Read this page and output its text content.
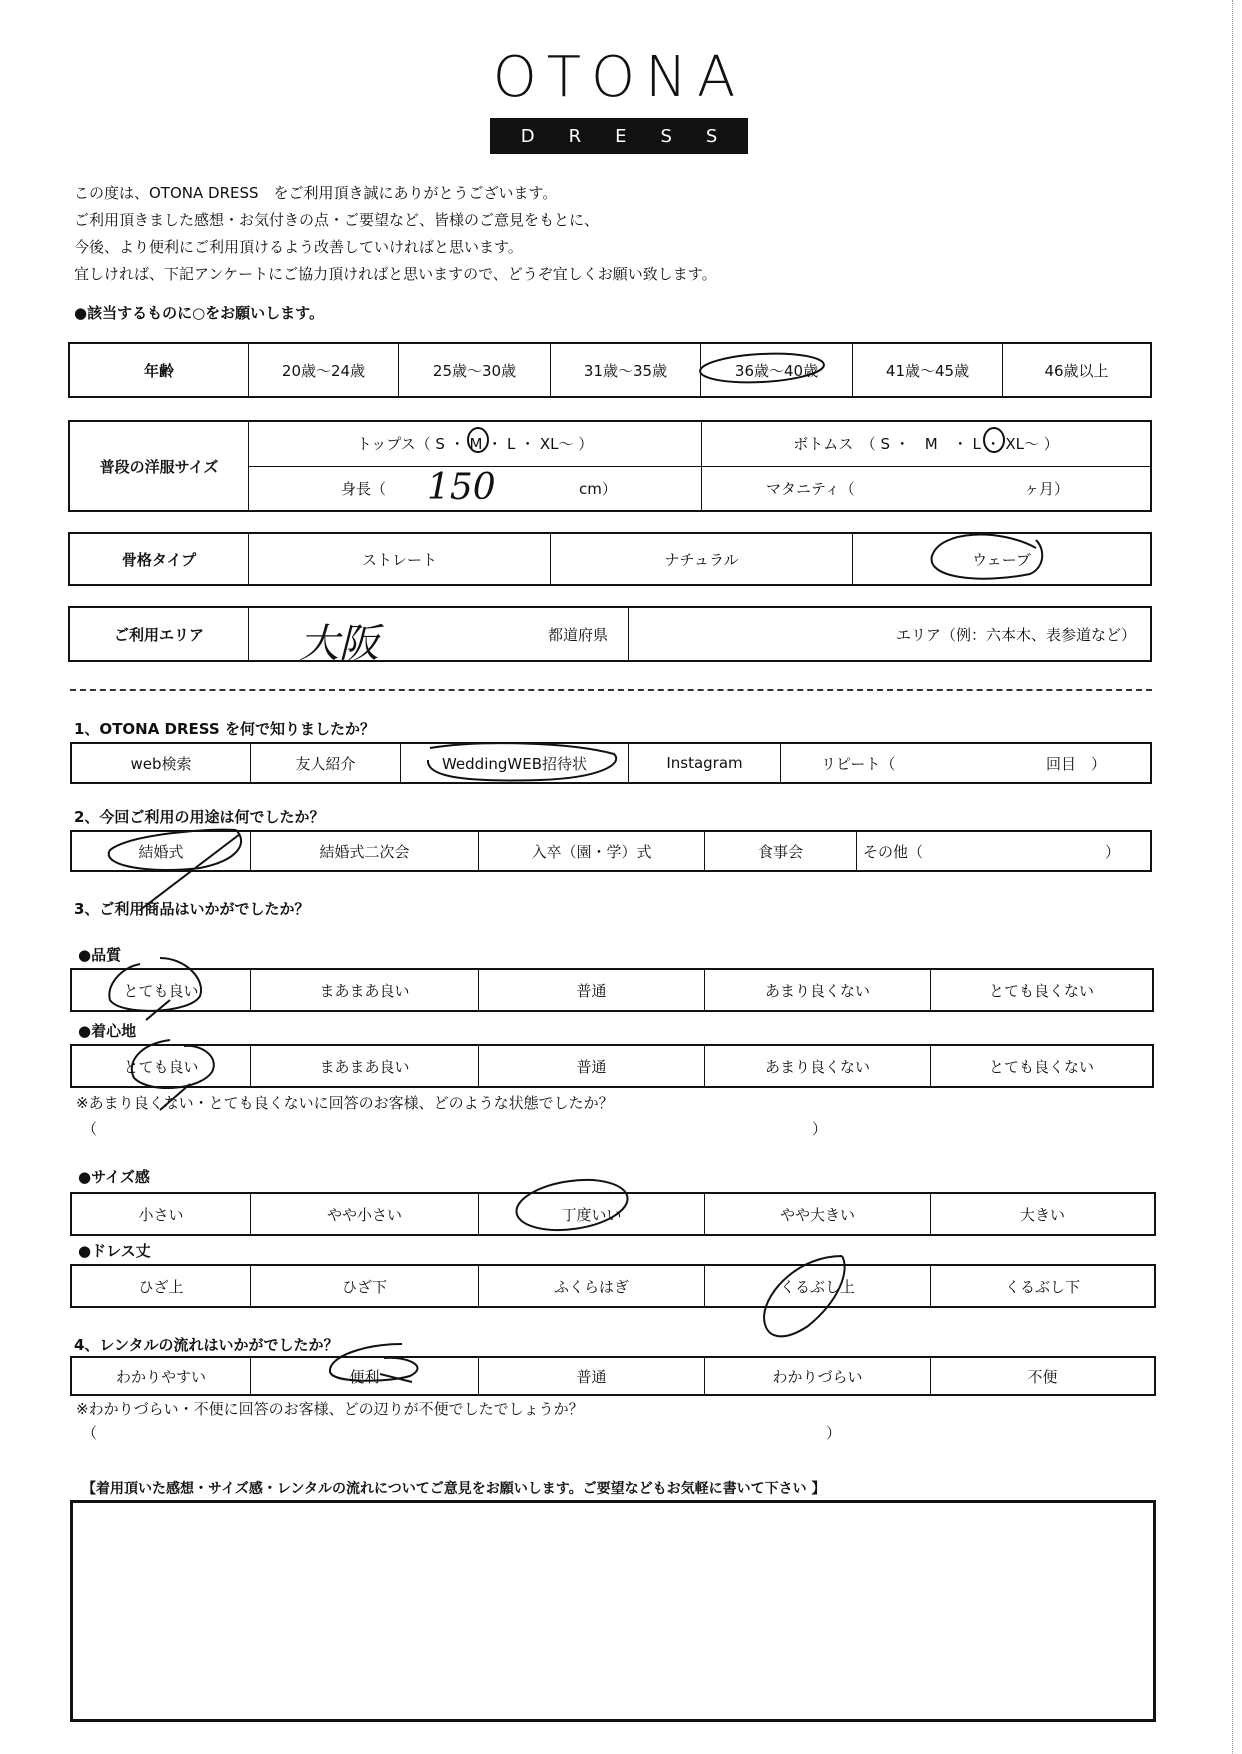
OTONA
DRESS
この度は、OTONA DRESS　をご利用頂き誠にありがとうございます。
ご利用頂きました感想・お気付きの点・ご要望など、皆様のご意見をもとに、
今後、より便利にご利用頂けるよう改善していければと思います。
宜しければ、下記アンケートにご協力頂ければと思いますので、どうぞ宜しくお願い致します。
●該当するものに○をお願いします。
年齢	20歳〜24歳	25歳〜30歳	31歳〜35歳	36歳〜40歳	41歳〜45歳	46歳以上
普段の洋服サイズ
トップス（ S ・ M ・ L ・ XL〜 ）	ボトムス　（ S ・　M　・ L ・ XL〜 ）
身長（ 150	cm）	マタニティ（	ヶ月）
骨格タイプ	ストレート	ナチュラル	ウェーブ
ご利用エリア	大阪	都道府県	エリア（例：六本木、表参道など）
1、OTONA DRESS を何で知りましたか？
web検索	友人紹介	WeddingWEB招待状	Instagram	リピート（	回目　）
2、今回ご利用の用途は何でしたか？
結婚式	結婚式二次会	入卒（園・学）式	食事会	その他（	）
3、ご利用商品はいかがでしたか？
●品質
とても良い	まあまあ良い	普通	あまり良くない	とても良くない
●着心地
とても良い	まあまあ良い	普通	あまり良くない	とても良くない
※あまり良くない・とても良くないに回答のお客様、どのような状態でしたか？
（	）
●サイズ感
小さい	やや小さい	丁度いい	やや大きい	大きい
●ドレス丈
ひざ上	ひざ下	ふくらはぎ	くるぶし上	くるぶし下
4、レンタルの流れはいかがでしたか？
わかりやすい	便利	普通	わかりづらい	不便
※わかりづらい・不便に回答のお客様、どの辺りが不便でしたでしょうか？
（	）
【着用頂いた感想・サイズ感・レンタルの流れについてご意見をお願いします。ご要望などもお気軽に書いて下さい 】
